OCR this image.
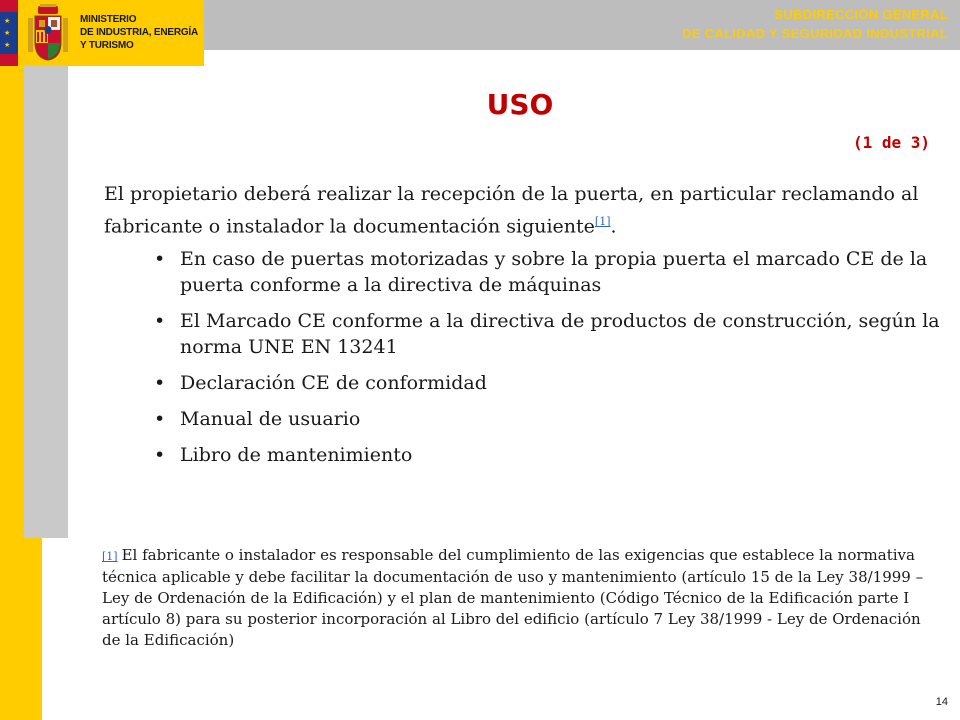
★
★
★
MINISTERIO
DE INDUSTRIA, ENERGÍA
Y TURISMO
SUBDIRECCIÓN GENERAL
DE CALIDAD Y SEGURIDAD INDUSTRIAL
USO
(1 de 3)
El propietario deberá realizar la recepción de la puerta, en particular reclamando al fabricante o instalador la documentación siguiente[1].
• En caso de puertas motorizadas y sobre la propia puerta el marcado CE de la puerta conforme a la directiva de máquinas
• El Marcado CE conforme a la directiva de productos de construcción, según la norma UNE EN 13241
• Declaración CE de conformidad
• Manual de usuario
• Libro de mantenimiento
[1] El fabricante o instalador es responsable del cumplimiento de las exigencias que establece la normativa técnica aplicable y debe facilitar la documentación de uso y mantenimiento (artículo 15 de la Ley 38/1999 – Ley de Ordenación de la Edificación) y el plan de mantenimiento (Código Técnico de la Edificación parte I artículo 8) para su posterior incorporación al Libro del edificio (artículo 7 Ley 38/1999 - Ley de Ordenación de la Edificación)
14
